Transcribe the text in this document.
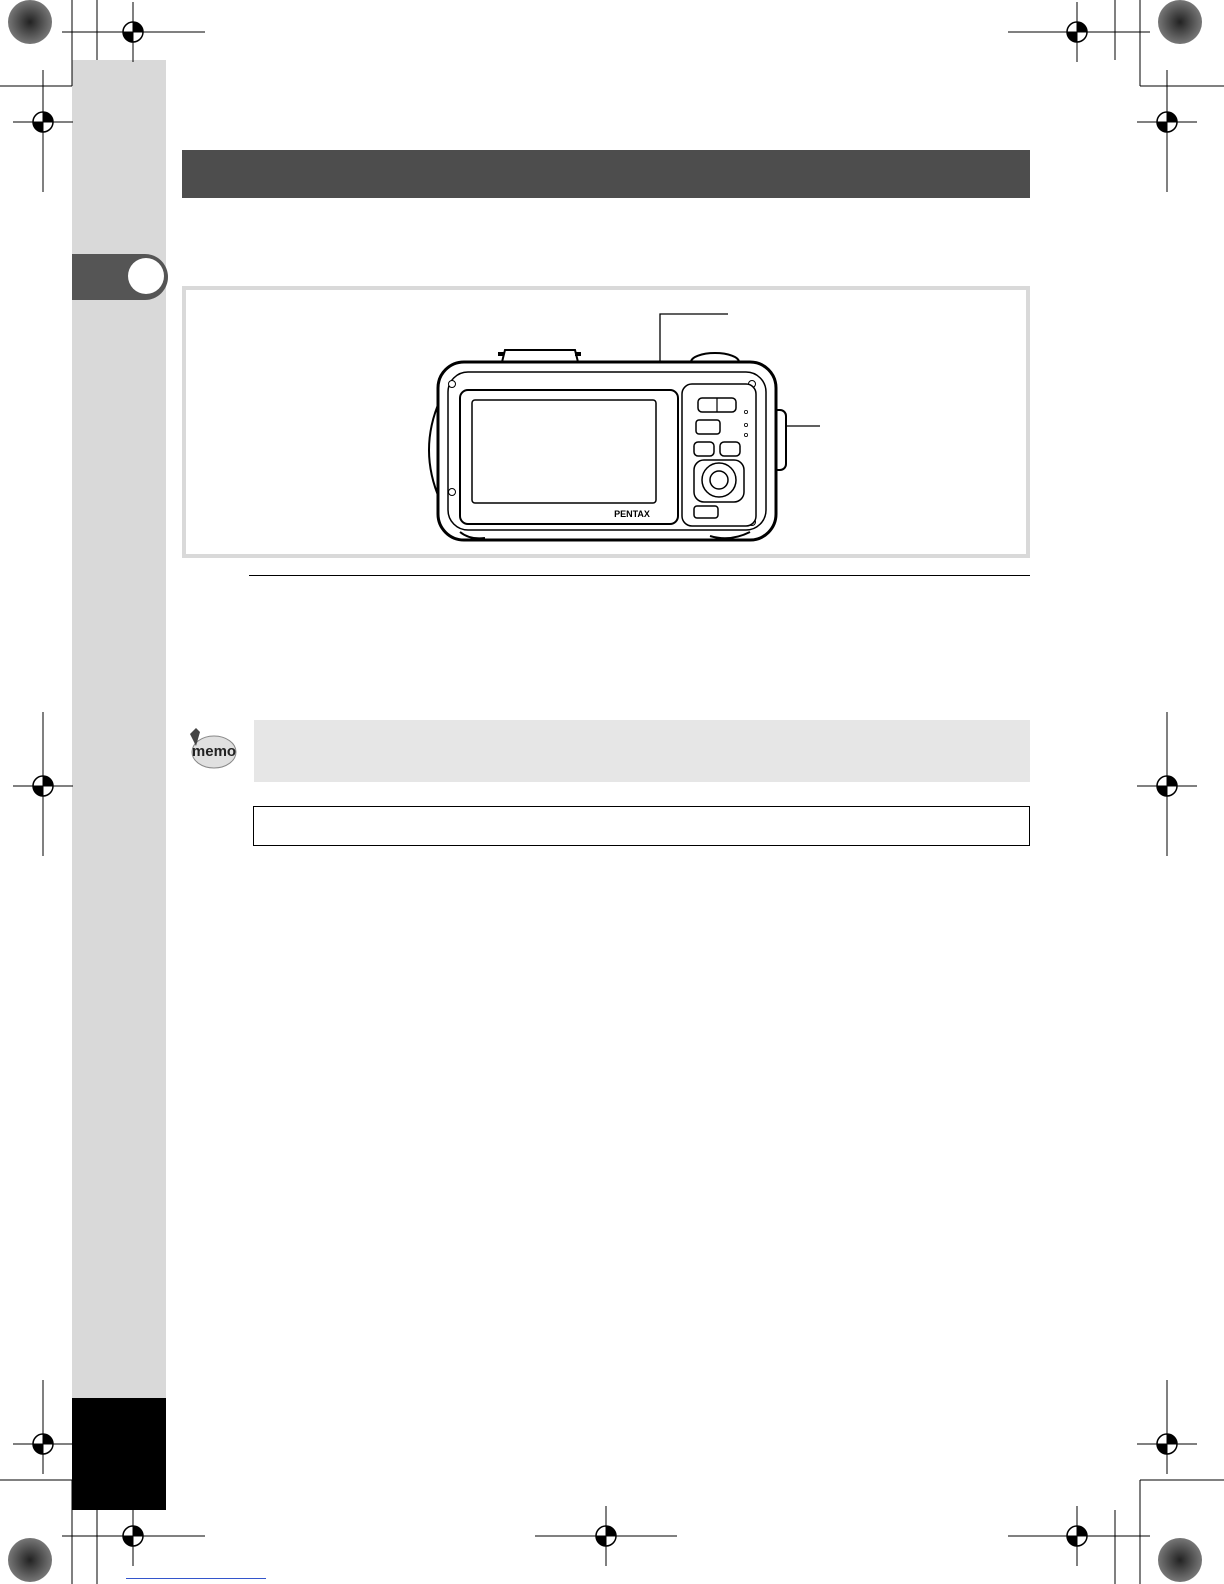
PENTAX
memo
